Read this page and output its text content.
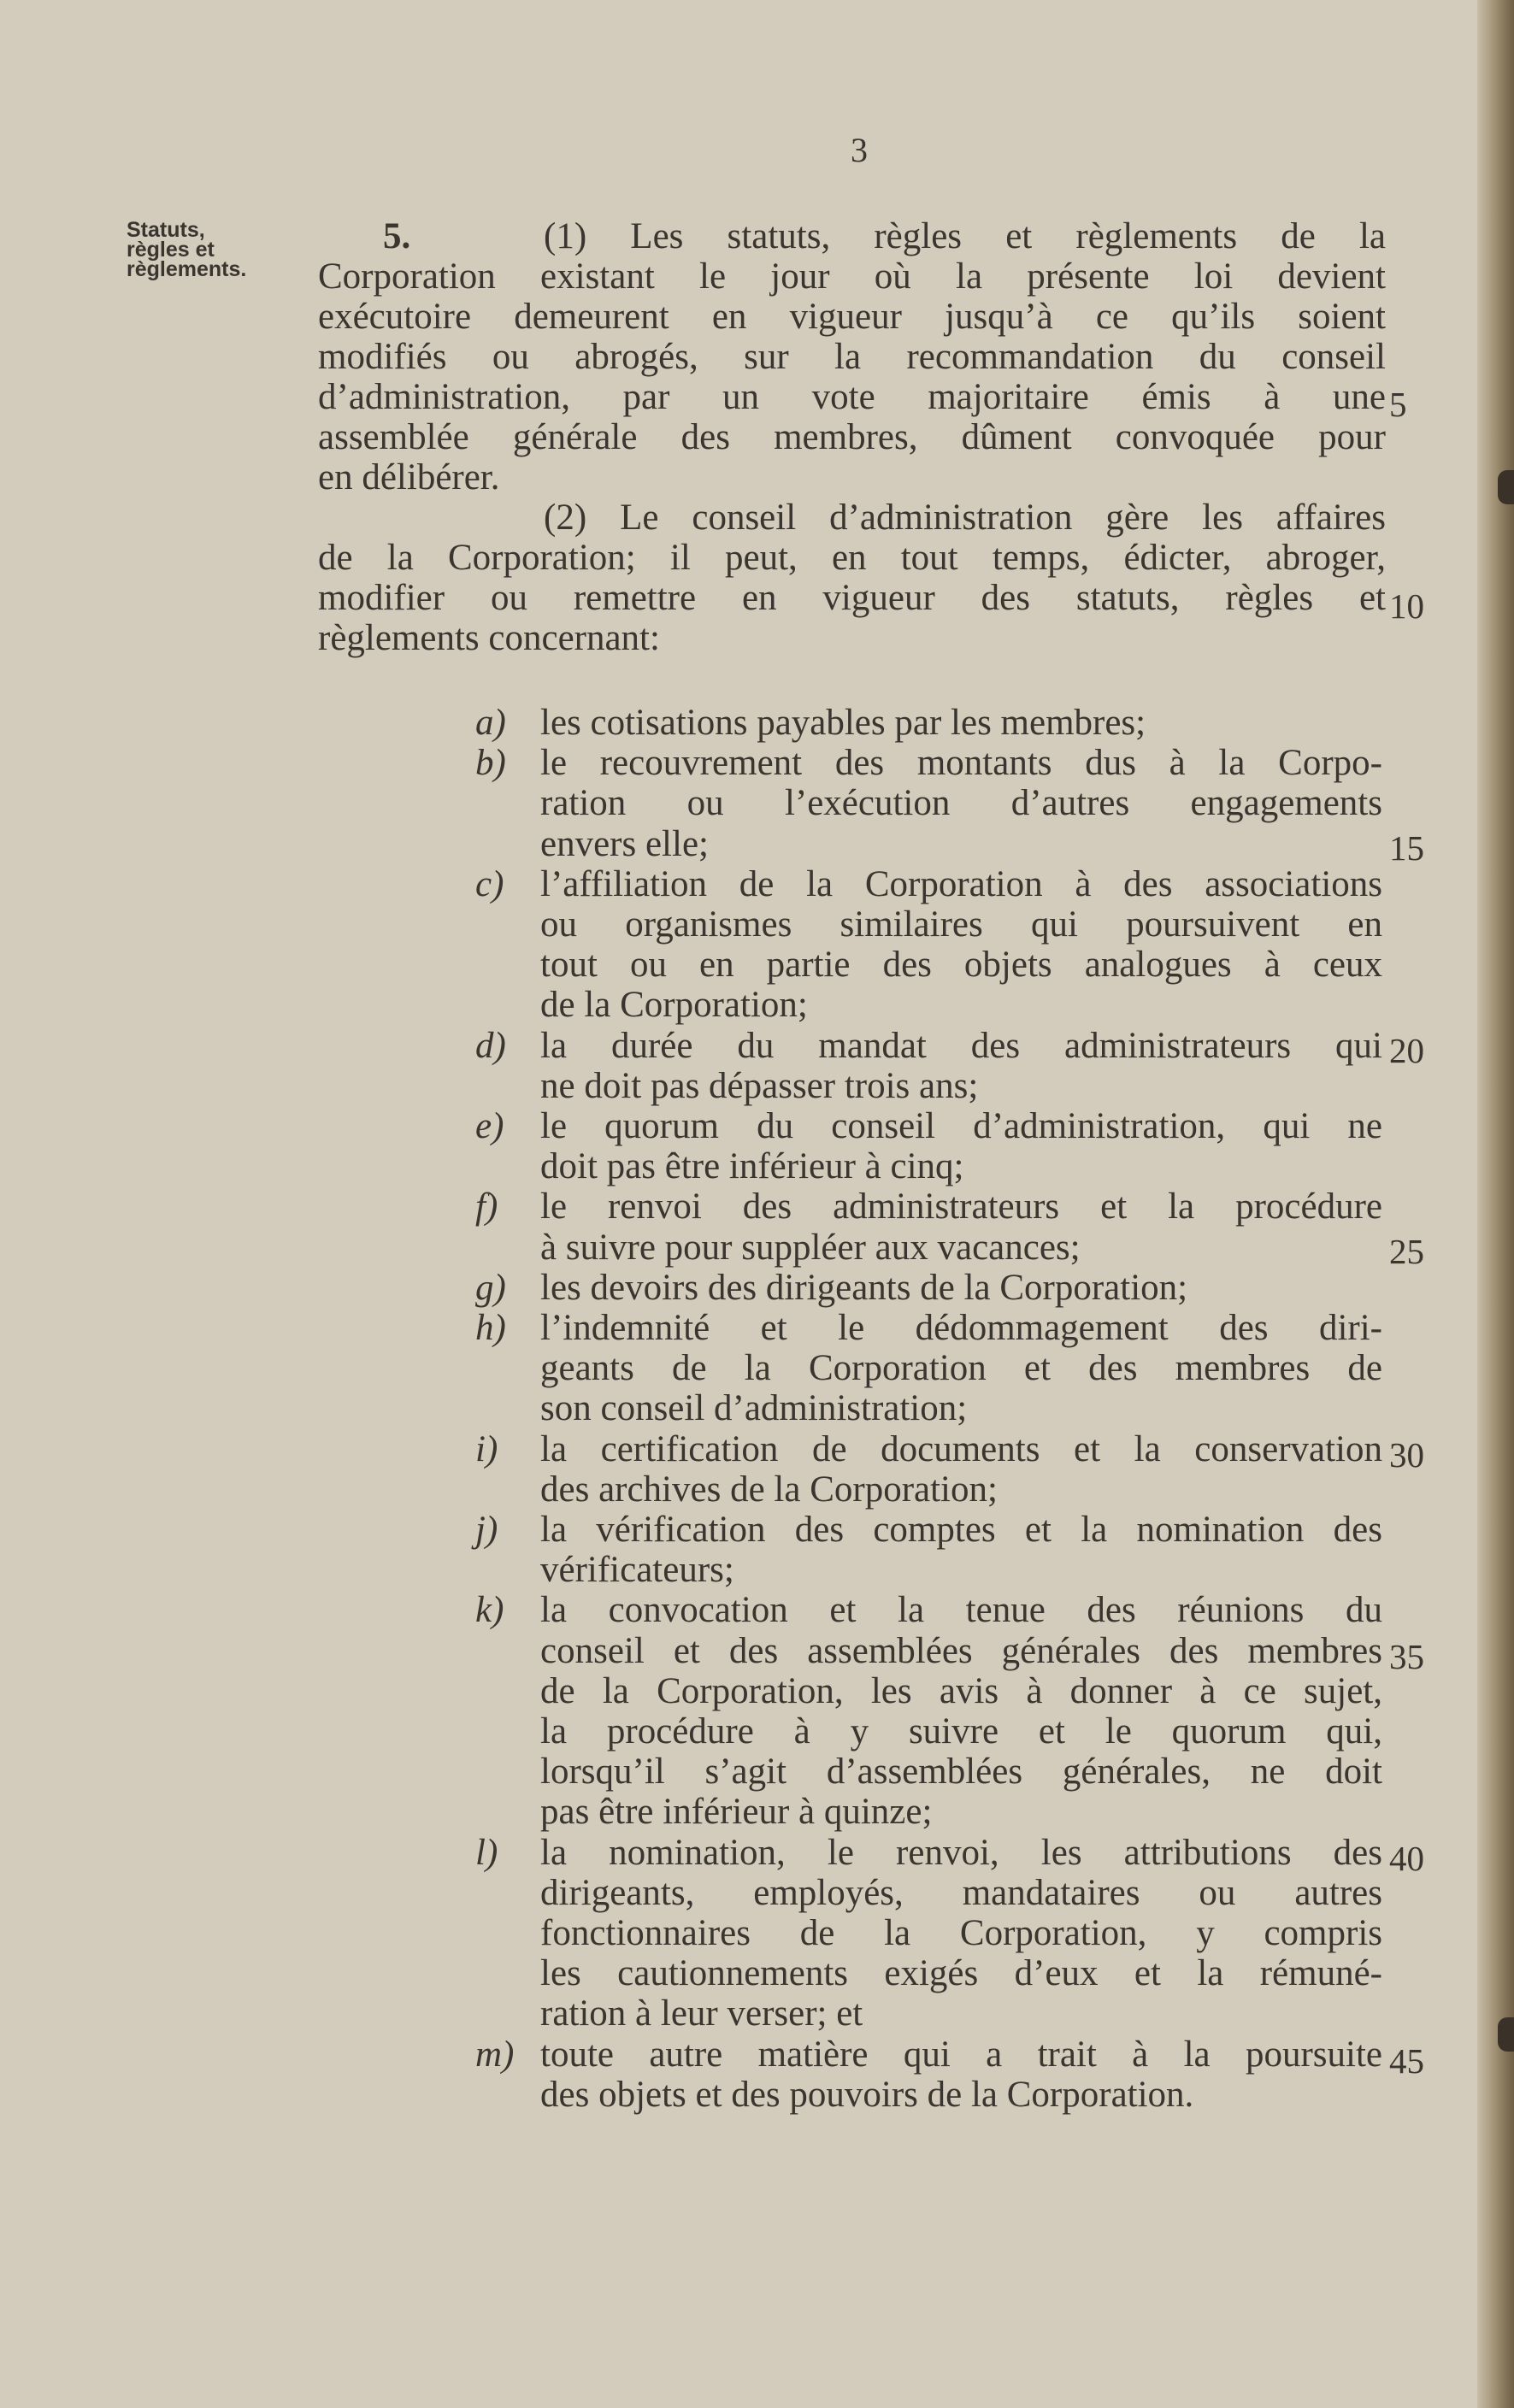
3
Statuts,
règles et
règlements.
5.	(1) Les statuts, règles et règlements de la
Corporation existant le jour où la présente loi devient
exécutoire demeurent en vigueur jusqu’à ce qu’ils soient
modifiés ou abrogés, sur la recommandation du conseil
d’administration, par un vote majoritaire émis à une
assemblée générale des membres, dûment convoquée pour
en délibérer.
(2) Le conseil d’administration gère les affaires
de la Corporation; il peut, en tout temps, édicter, abroger,
modifier ou remettre en vigueur des statuts, règles et
règlements concernant:
a) les cotisations payables par les membres;
b) le recouvrement des montants dus à la Corpo-
ration ou l’exécution d’autres engagements
envers elle;
c) l’affiliation de la Corporation à des associations
ou organismes similaires qui poursuivent en
tout ou en partie des objets analogues à ceux
de la Corporation;
d) la durée du mandat des administrateurs qui
ne doit pas dépasser trois ans;
e) le quorum du conseil d’administration, qui ne
doit pas être inférieur à cinq;
f) le renvoi des administrateurs et la procédure
à suivre pour suppléer aux vacances;
g) les devoirs des dirigeants de la Corporation;
h) l’indemnité et le dédommagement des diri-
geants de la Corporation et des membres de
son conseil d’administration;
i) la certification de documents et la conservation
des archives de la Corporation;
j) la vérification des comptes et la nomination des
vérificateurs;
k) la convocation et la tenue des réunions du
conseil et des assemblées générales des membres
de la Corporation, les avis à donner à ce sujet,
la procédure à y suivre et le quorum qui,
lorsqu’il s’agit d’assemblées générales, ne doit
pas être inférieur à quinze;
l) la nomination, le renvoi, les attributions des
dirigeants, employés, mandataires ou autres
fonctionnaires de la Corporation, y compris
les cautionnements exigés d’eux et la rémuné-
ration à leur verser; et
m) toute autre matière qui a trait à la poursuite
des objets et des pouvoirs de la Corporation.
5
10
15
20
25
30
35
40
45
